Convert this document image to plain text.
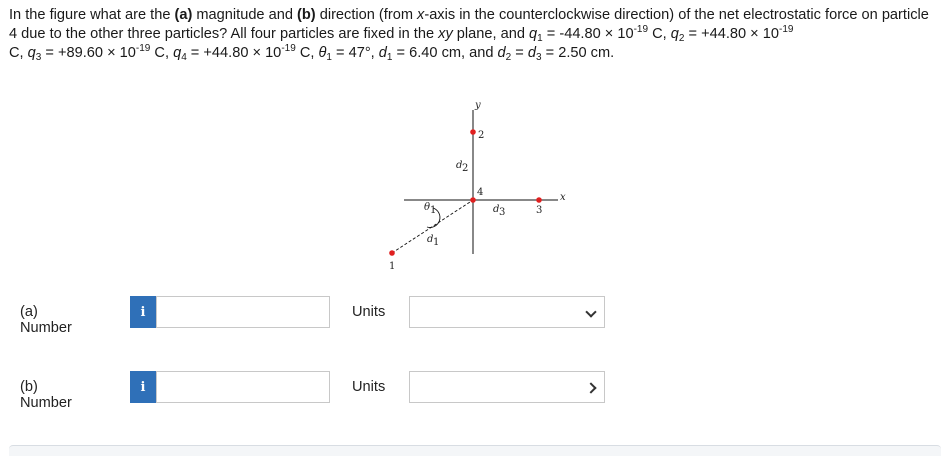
In the figure what are the (a) magnitude and (b) direction (from x-axis in the counterclockwise direction) of the net electrostatic force on particle 4 due to the other three particles? All four particles are fixed in the xy plane, and $q_1 = -44.80 \times 10^{-19}$ C, $q_2 = +44.80 \times 10^{-19}$
C, $q_3 = +89.60 \times 10^{-19}$ C, $q_4 = +44.80 \times 10^{-19}$ C, $\theta_1 = 47^\circ$, $d_1 = 6.40$ cm, and $d_2 = d_3 = 2.50$ cm.
y
x
2
4
3
1
d 2
d 3
d 1
θ 1
(a) Number
i	Units
(b) Number
i	Units
